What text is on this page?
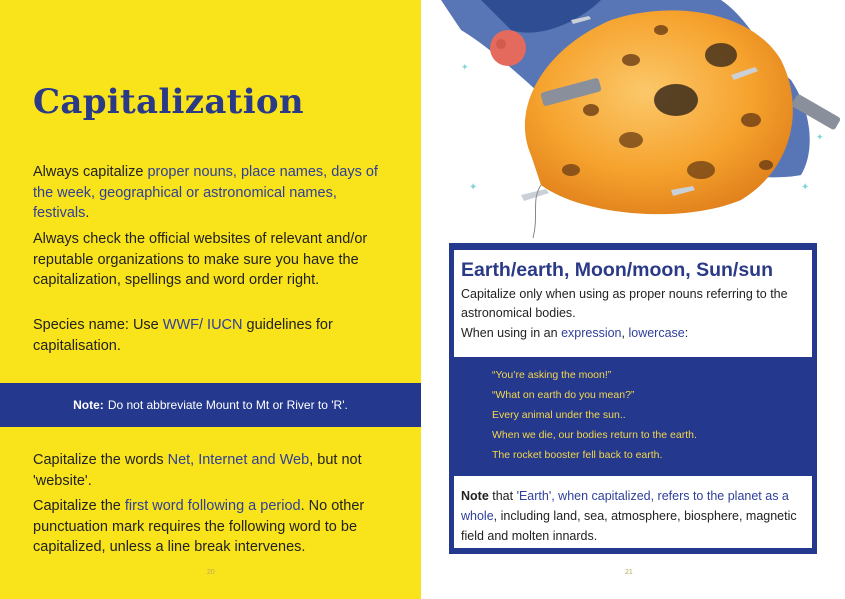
Capitalization

Always capitalize proper nouns, place names, days of the week, geographical or astronomical names, festivals.

Always check the official websites of relevant and/or reputable organizations to make sure you have the capitalization, spellings and word order right.

Species name: Use WWF/ IUCN guidelines for capitalisation.

Note: Do not abbreviate Mount to Mt or River to 'R'.

Capitalize the words Net, Internet and Web, but not 'website'.

Capitalize the first word following a period. No other punctuation mark requires the following word to be capitalized, unless a line break intervenes.

20
✦	✦
✦
✦
Earth/earth, Moon/moon, Sun/sun

Capitalize only when using as proper nouns referring to the astronomical bodies.

When using in an expression, lowercase:

“You’re asking the moon!”

“What on earth do you mean?”

Every animal under the sun..

When we die, our bodies return to the earth.

The rocket booster fell back to earth.

Note that 'Earth', when capitalized, refers to the planet as a whole, including land, sea, atmosphere, biosphere, magnetic field and molten innards.

21
